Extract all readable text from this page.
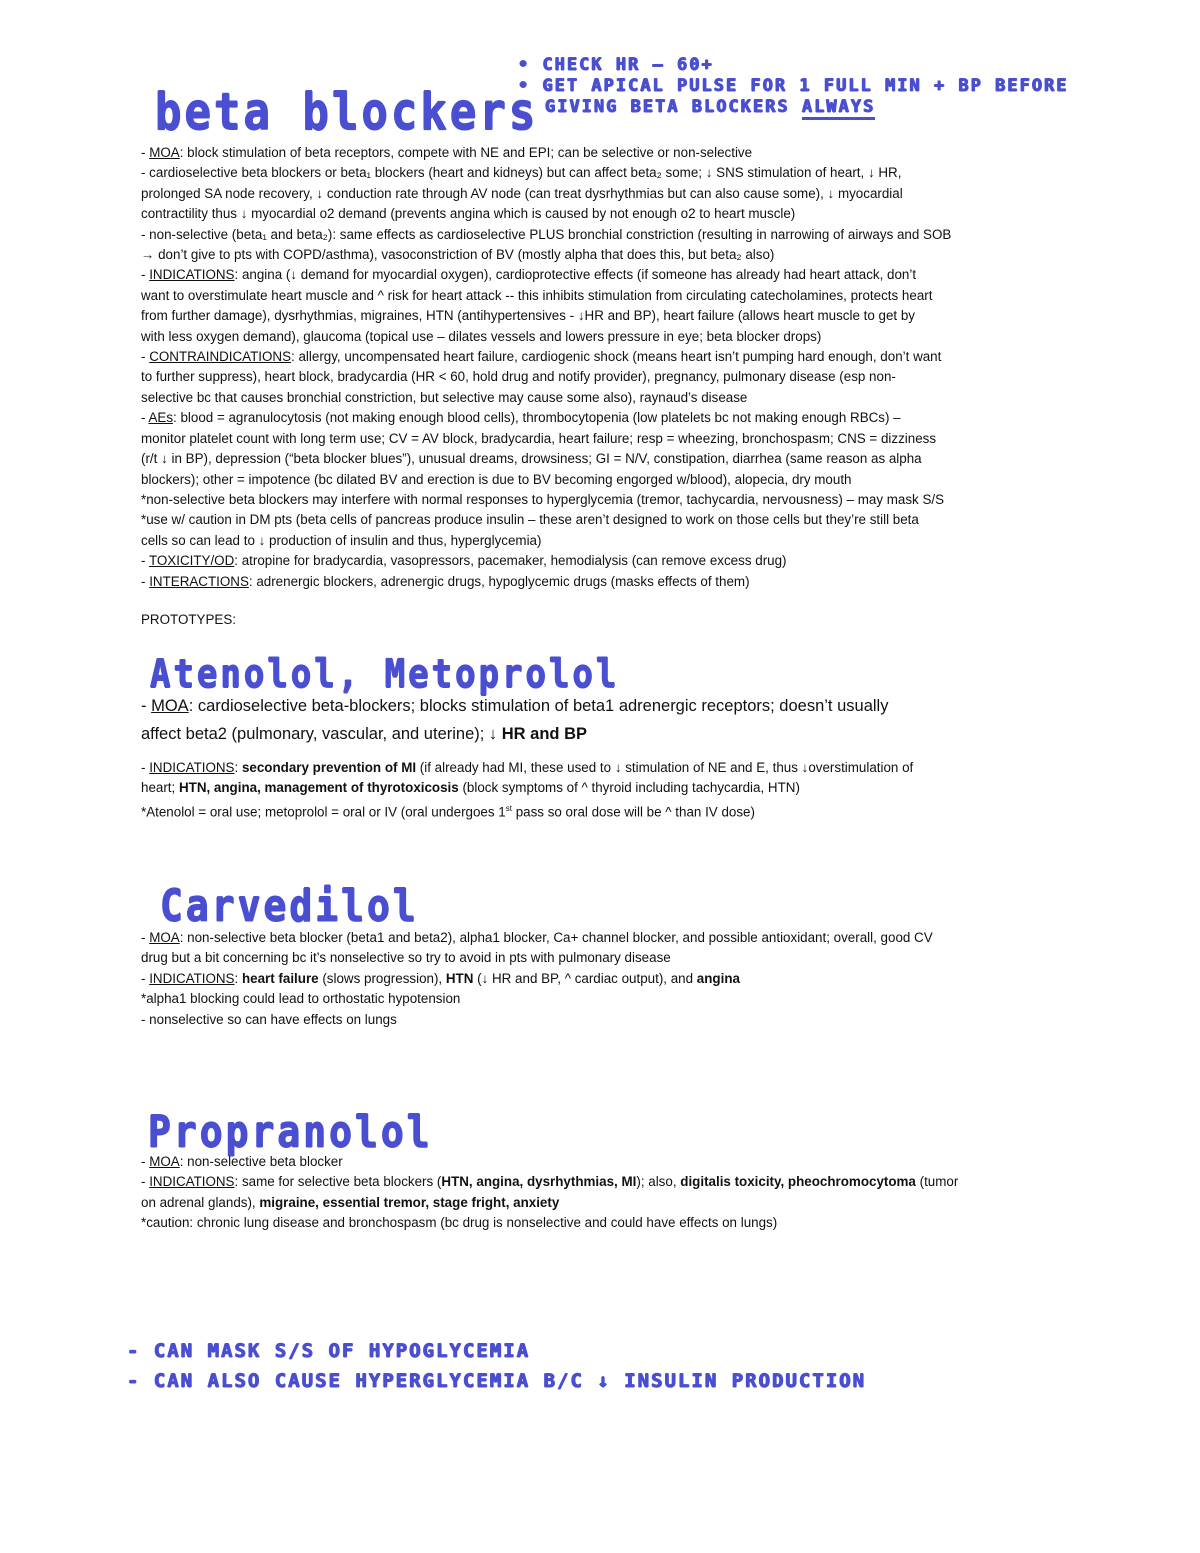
beta blockers
• CHECK HR – 60+
• GET APICAL PULSE FOR 1 FULL MIN + BP BEFORE
GIVING BETA BLOCKERS ALWAYS

- MOA: block stimulation of beta receptors, compete with NE and EPI; can be selective or non-selective

- cardioselective beta blockers or beta₁ blockers (heart and kidneys) but can affect beta₂ some; ↓ SNS stimulation of heart, ↓ HR,

prolonged SA node recovery, ↓ conduction rate through AV node (can treat dysrhythmias but can also cause some), ↓ myocardial

contractility thus ↓ myocardial o2 demand (prevents angina which is caused by not enough o2 to heart muscle)

- non-selective (beta₁ and beta₂): same effects as cardioselective PLUS bronchial constriction (resulting in narrowing of airways and SOB

→ don’t give to pts with COPD/asthma), vasoconstriction of BV (mostly alpha that does this, but beta₂ also)

- INDICATIONS: angina (↓ demand for myocardial oxygen), cardioprotective effects (if someone has already had heart attack, don’t

want to overstimulate heart muscle and ^ risk for heart attack -- this inhibits stimulation from circulating catecholamines, protects heart

from further damage), dysrhythmias, migraines, HTN (antihypertensives - ↓HR and BP), heart failure (allows heart muscle to get by

with less oxygen demand), glaucoma (topical use – dilates vessels and lowers pressure in eye; beta blocker drops)

- CONTRAINDICATIONS: allergy, uncompensated heart failure, cardiogenic shock (means heart isn’t pumping hard enough, don’t want

to further suppress), heart block, bradycardia (HR < 60, hold drug and notify provider), pregnancy, pulmonary disease (esp non-

selective bc that causes bronchial constriction, but selective may cause some also), raynaud’s disease

- AEs: blood = agranulocytosis (not making enough blood cells), thrombocytopenia (low platelets bc not making enough RBCs) –

monitor platelet count with long term use; CV = AV block, bradycardia, heart failure; resp = wheezing, bronchospasm; CNS = dizziness

(r/t ↓ in BP), depression (“beta blocker blues”), unusual dreams, drowsiness; GI = N/V, constipation, diarrhea (same reason as alpha

blockers); other = impotence (bc dilated BV and erection is due to BV becoming engorged w/blood), alopecia, dry mouth

*non-selective beta blockers may interfere with normal responses to hyperglycemia (tremor, tachycardia, nervousness) – may mask S/S

*use w/ caution in DM pts (beta cells of pancreas produce insulin – these aren’t designed to work on those cells but they’re still beta

cells so can lead to ↓ production of insulin and thus, hyperglycemia)

- TOXICITY/OD: atropine for bradycardia, vasopressors, pacemaker, hemodialysis (can remove excess drug)

- INTERACTIONS: adrenergic blockers, adrenergic drugs, hypoglycemic drugs (masks effects of them)

PROTOTYPES:
Atenolol, Metoprolol

- MOA: cardioselective beta-blockers; blocks stimulation of beta1 adrenergic receptors; doesn’t usually

affect beta2 (pulmonary, vascular, and uterine); ↓ HR and BP

- INDICATIONS: secondary prevention of MI (if already had MI, these used to ↓ stimulation of NE and E, thus ↓overstimulation of

heart; HTN, angina, management of thyrotoxicosis (block symptoms of ^ thyroid including tachycardia, HTN)

*Atenolol = oral use; metoprolol = oral or IV (oral undergoes 1st pass so oral dose will be ^ than IV dose)

Carvedilol

- MOA: non-selective beta blocker (beta1 and beta2), alpha1 blocker, Ca+ channel blocker, and possible antioxidant; overall, good CV

drug but a bit concerning bc it’s nonselective so try to avoid in pts with pulmonary disease

- INDICATIONS: heart failure (slows progression), HTN (↓ HR and BP, ^ cardiac output), and angina

*alpha1 blocking could lead to orthostatic hypotension

- nonselective so can have effects on lungs

Propranolol

- MOA: non-selective beta blocker

- INDICATIONS: same for selective beta blockers (HTN, angina, dysrhythmias, MI); also, digitalis toxicity, pheochromocytoma (tumor

on adrenal glands), migraine, essential tremor, stage fright, anxiety

*caution: chronic lung disease and bronchospasm (bc drug is nonselective and could have effects on lungs)

- CAN MASK S/S OF HYPOGLYCEMIA
- CAN ALSO CAUSE HYPERGLYCEMIA B/C ↓ INSULIN PRODUCTION
